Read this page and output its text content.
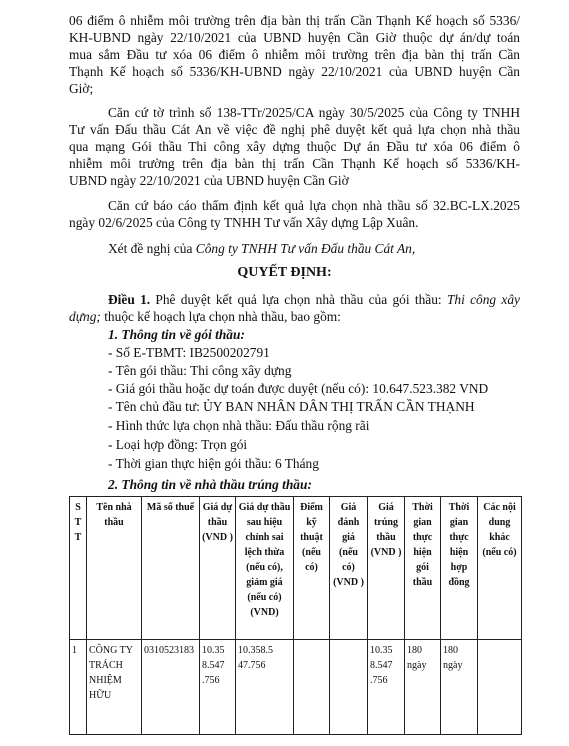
06 điểm ô nhiễm môi trường trên địa bàn thị trấn Cần Thạnh Kế hoạch số 5336/
KH-UBND ngày 22/10/2021 của UBND huyện Cần Giờ thuộc dự án/dự toán
mua sắm Đầu tư xóa 06 điểm ô nhiễm môi trường trên địa bàn thị trấn Cần
Thạnh Kế hoạch số 5336/KH-UBND ngày 22/10/2021 của UBND huyện Cần
Giờ;
Căn cứ tờ trình số 138-TTr/2025/CA ngày 30/5/2025 của Công ty TNHH
Tư vấn Đấu thầu Cát An về việc đề nghị phê duyệt kết quả lựa chọn nhà thầu
qua mạng Gói thầu Thi công xây dựng thuộc Dự án Đầu tư xóa 06 điểm ô
nhiễm môi trường trên địa bàn thị trấn Cần Thạnh Kế hoạch số 5336/KH-
UBND ngày 22/10/2021 của UBND huyện Cần Giờ
Căn cứ báo cáo thẩm định kết quả lựa chọn nhà thầu số 32.BC-LX.2025
ngày 02/6/2025 của Công ty TNHH Tư vấn Xây dựng Lập Xuân.
Xét đề nghị của Công ty TNHH Tư vấn Đấu thầu Cát An,
QUYẾT ĐỊNH:
Điều 1. Phê duyệt kết quả lựa chọn nhà thầu của gói thầu: Thi công xây
dựng; thuộc kế hoạch lựa chọn nhà thầu, bao gồm:
1. Thông tin về gói thầu:
- Số E-TBMT: IB2500202791
- Tên gói thầu: Thi công xây dựng
- Giá gói thầu hoặc dự toán được duyệt (nếu có): 10.647.523.382 VND
- Tên chủ đầu tư: ỦY BAN NHÂN DÂN THỊ TRẤN CẦN THẠNH
- Hình thức lựa chọn nhà thầu: Đấu thầu rộng rãi
- Loại hợp đồng: Trọn gói
- Thời gian thực hiện gói thầu: 6 Tháng
2. Thông tin về nhà thầu trúng thầu:
S T T	Tên nhà thầu	Mã số thuế	Giá dự thầu (VND )	Giá dự thầu sau hiệu chỉnh sai lệch thừa (nếu có), giảm giá (nếu có) (VND)	Điểm kỹ thuật (nếu có)	Giá đánh giá (nếu có) (VND )	Giá trúng thầu (VND )	Thời gian thực hiện gói thầu	Thời gian thực hiện hợp đồng	Các nội dung khác (nếu có)
1	CÔNG TY TRÁCH NHIỆM HỮU	0310523183	10.35 8.547 .756	10.358.5 47.756			10.35 8.547 .756	180 ngày	180 ngày	
